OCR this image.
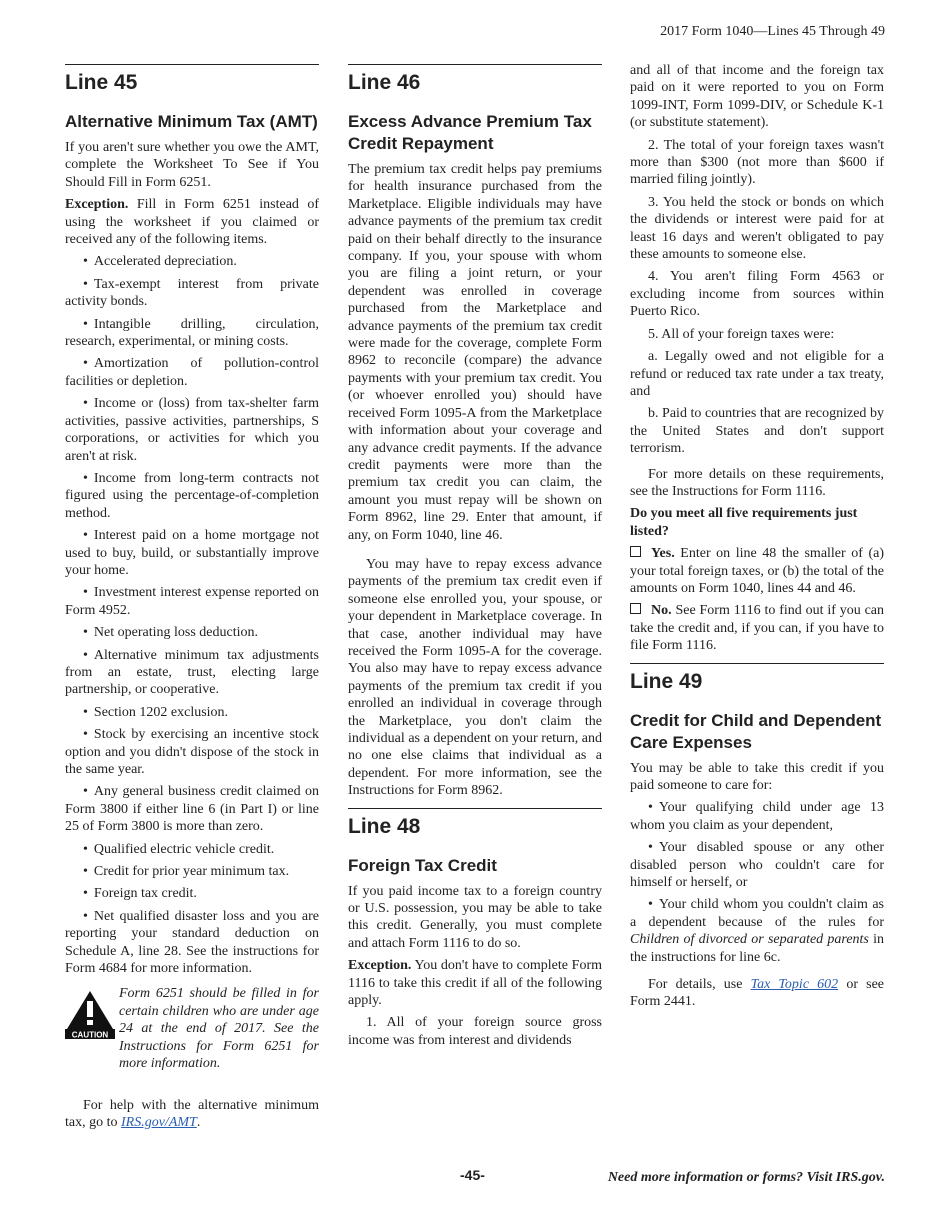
2017 Form 1040—Lines 45 Through 49
Line 45
Alternative Minimum Tax (AMT)

If you aren't sure whether you owe the AMT, complete the Worksheet To See if You Should Fill in Form 6251.

Exception. Fill in Form 6251 instead of using the worksheet if you claimed or received any of the following items.

• Accelerated depreciation.

• Tax-exempt interest from private activity bonds.

• Intangible drilling, circulation, research, experimental, or mining costs.

• Amortization of pollution-control facilities or depletion.

• Income or (loss) from tax-shelter farm activities, passive activities, partnerships, S corporations, or activities for which you aren't at risk.

• Income from long-term contracts not figured using the percentage-of-completion method.

• Interest paid on a home mortgage not used to buy, build, or substantially improve your home.

• Investment interest expense reported on Form 4952.

• Net operating loss deduction.

• Alternative minimum tax adjustments from an estate, trust, electing large partnership, or cooperative.

• Section 1202 exclusion.

• Stock by exercising an incentive stock option and you didn't dispose of the stock in the same year.

• Any general business credit claimed on Form 3800 if either line 6 (in Part I) or line 25 of Form 3800 is more than zero.

• Qualified electric vehicle credit.

• Credit for prior year minimum tax.

• Foreign tax credit.

• Net qualified disaster loss and you are reporting your standard deduction on Schedule A, line 28. See the instructions for Form 4684 for more information.

CAUTION
Form 6251 should be filled in for certain children who are under age 24 at the end of 2017. See the Instructions for Form 6251 for more information.

For help with the alternative minimum tax, go to IRS.gov/AMT.

Line 46
Excess Advance Premium Tax Credit Repayment

The premium tax credit helps pay premiums for health insurance purchased from the Marketplace. Eligible individuals may have advance payments of the premium tax credit paid on their behalf directly to the insurance company. If you, your spouse with whom you are filing a joint return, or your dependent was enrolled in coverage purchased from the Marketplace and advance payments of the premium tax credit were made for the coverage, complete Form 8962 to reconcile (compare) the advance payments with your premium tax credit. You (or whoever enrolled you) should have received Form 1095-A from the Marketplace with information about your coverage and any advance credit payments. If the advance credit payments were more than the premium tax credit you can claim, the amount you must repay will be shown on Form 8962, line 29. Enter that amount, if any, on Form 1040, line 46.

You may have to repay excess advance payments of the premium tax credit even if someone else enrolled you, your spouse, or your dependent in Marketplace coverage. In that case, another individual may have received the Form 1095-A for the coverage. You also may have to repay excess advance payments of the premium tax credit if you enrolled an individual in coverage through the Marketplace, you don't claim the individual as a dependent on your return, and no one else claims that individual as a dependent. For more information, see the Instructions for Form 8962.

Line 48
Foreign Tax Credit

If you paid income tax to a foreign country or U.S. possession, you may be able to take this credit. Generally, you must complete and attach Form 1116 to do so.

Exception. You don't have to complete Form 1116 to take this credit if all of the following apply.

1. All of your foreign source gross income was from interest and dividends

and all of that income and the foreign tax paid on it were reported to you on Form 1099-INT, Form 1099-DIV, or Schedule K-1 (or substitute statement).

2. The total of your foreign taxes wasn't more than $300 (not more than $600 if married filing jointly).

3. You held the stock or bonds on which the dividends or interest were paid for at least 16 days and weren't obligated to pay these amounts to someone else.

4. You aren't filing Form 4563 or excluding income from sources within Puerto Rico.

5. All of your foreign taxes were:

a. Legally owed and not eligible for a refund or reduced tax rate under a tax treaty, and

b. Paid to countries that are recognized by the United States and don't support terrorism.

For more details on these requirements, see the Instructions for Form 1116.

Do you meet all five requirements just listed?

Yes. Enter on line 48 the smaller of (a) your total foreign taxes, or (b) the total of the amounts on Form 1040, lines 44 and 46.

No. See Form 1116 to find out if you can take the credit and, if you can, if you have to file Form 1116.

Line 49
Credit for Child and Dependent Care Expenses

You may be able to take this credit if you paid someone to care for:

• Your qualifying child under age 13 whom you claim as your dependent,

• Your disabled spouse or any other disabled person who couldn't care for himself or herself, or

• Your child whom you couldn't claim as a dependent because of the rules for Children of divorced or separated parents in the instructions for line 6c.

For details, use Tax Topic 602 or see Form 2441.

-45-	Need more information or forms? Visit IRS.gov.
